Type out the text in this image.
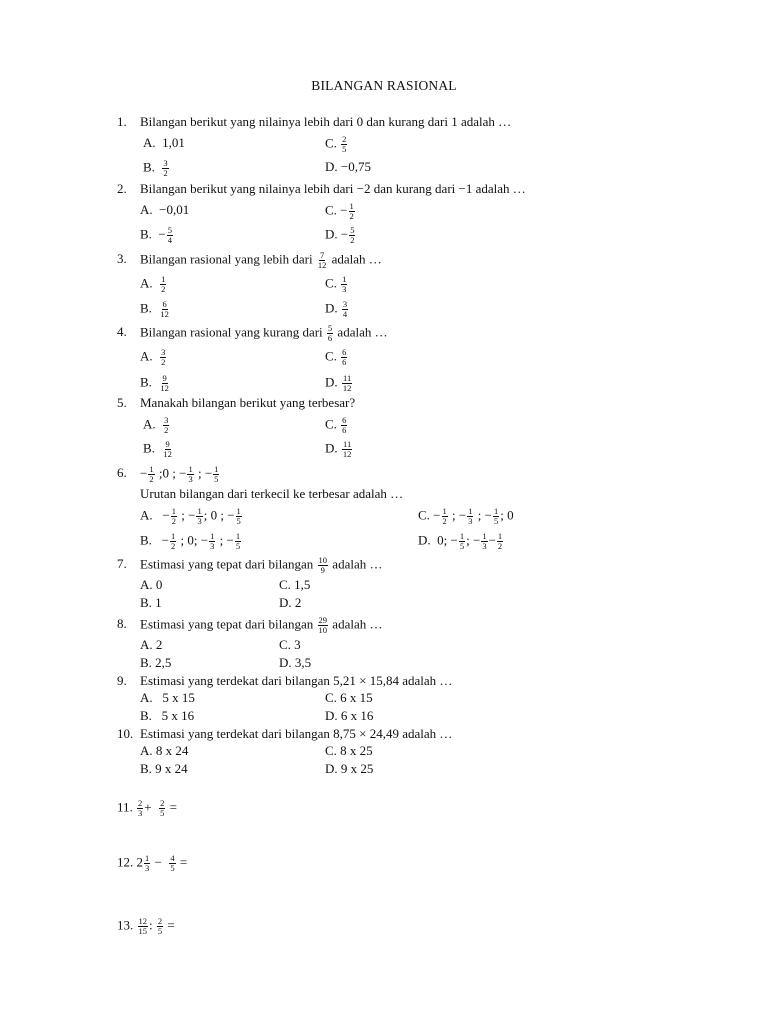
BILANGAN RASIONAL
1. Bilangan berikut yang nilainya lebih dari 0 dan kurang dari 1 adalah …
A. 1,01	C. $\frac{2}{5}$
B. $\frac{3}{2}$	D. −0,75
2. Bilangan berikut yang nilainya lebih dari −2 dan kurang dari −1 adalah …
A. −0,01	C. − $\frac{1}{2}$
B. − $\frac{5}{4}$	D. − $\frac{5}{2}$
3. Bilangan rasional yang lebih dari $\frac{7}{12}$ adalah …
A. $\frac{1}{2}$	C. $\frac{1}{3}$
B. $\frac{6}{12}$	D. $\frac{3}{4}$
4. Bilangan rasional yang kurang dari $\frac{5}{6}$ adalah …
A. $\frac{3}{2}$	C. $\frac{6}{6}$
B. $\frac{9}{12}$	D. $\frac{11}{12}$
5. Manakah bilangan berikut yang terbesar?
A. $\frac{3}{2}$	C. $\frac{6}{6}$
B. $\frac{9}{12}$	D. $\frac{11}{12}$
6. − $\frac{1}{2}$ ;0 ; − $\frac{1}{3}$ ; − $\frac{1}{5}$
Urutan bilangan dari terkecil ke terbesar adalah …
A. − $\frac{1}{2}$ ; − $\frac{1}{3}$ ; 0 ; − $\frac{1}{5}$	C. − $\frac{1}{2}$ ; − $\frac{1}{3}$ ; − $\frac{1}{5}$ ; 0
B. − $\frac{1}{2}$ ; 0; − $\frac{1}{3}$ ; − $\frac{1}{5}$	D. 0; − $\frac{1}{5}$ ; − $\frac{1}{3} - \frac{1}{2}$
7. Estimasi yang tepat dari bilangan $\frac{10}{9}$ adalah …
A. 0	C. 1,5
B. 1	D. 2
8. Estimasi yang tepat dari bilangan $\frac{29}{10}$ adalah …
A. 2	C. 3
B. 2,5	D. 3,5
9. Estimasi yang terdekat dari bilangan 5,21 × 15,84 adalah …
A.   5 x 15	C. 6 x 15
B.   5 x 16	D. 6 x 16
10. Estimasi yang terdekat dari bilangan 8,75 × 24,49 adalah …
A. 8 x 24	C. 8 x 25
B. 9 x 24	D. 9 x 25
11. $\frac{2}{3} + \frac{2}{5}$ =
12. $2 \frac{1}{3} - \frac{4}{5}$ =
13. $\frac{12}{15}$ : $\frac{2}{5}$ =
